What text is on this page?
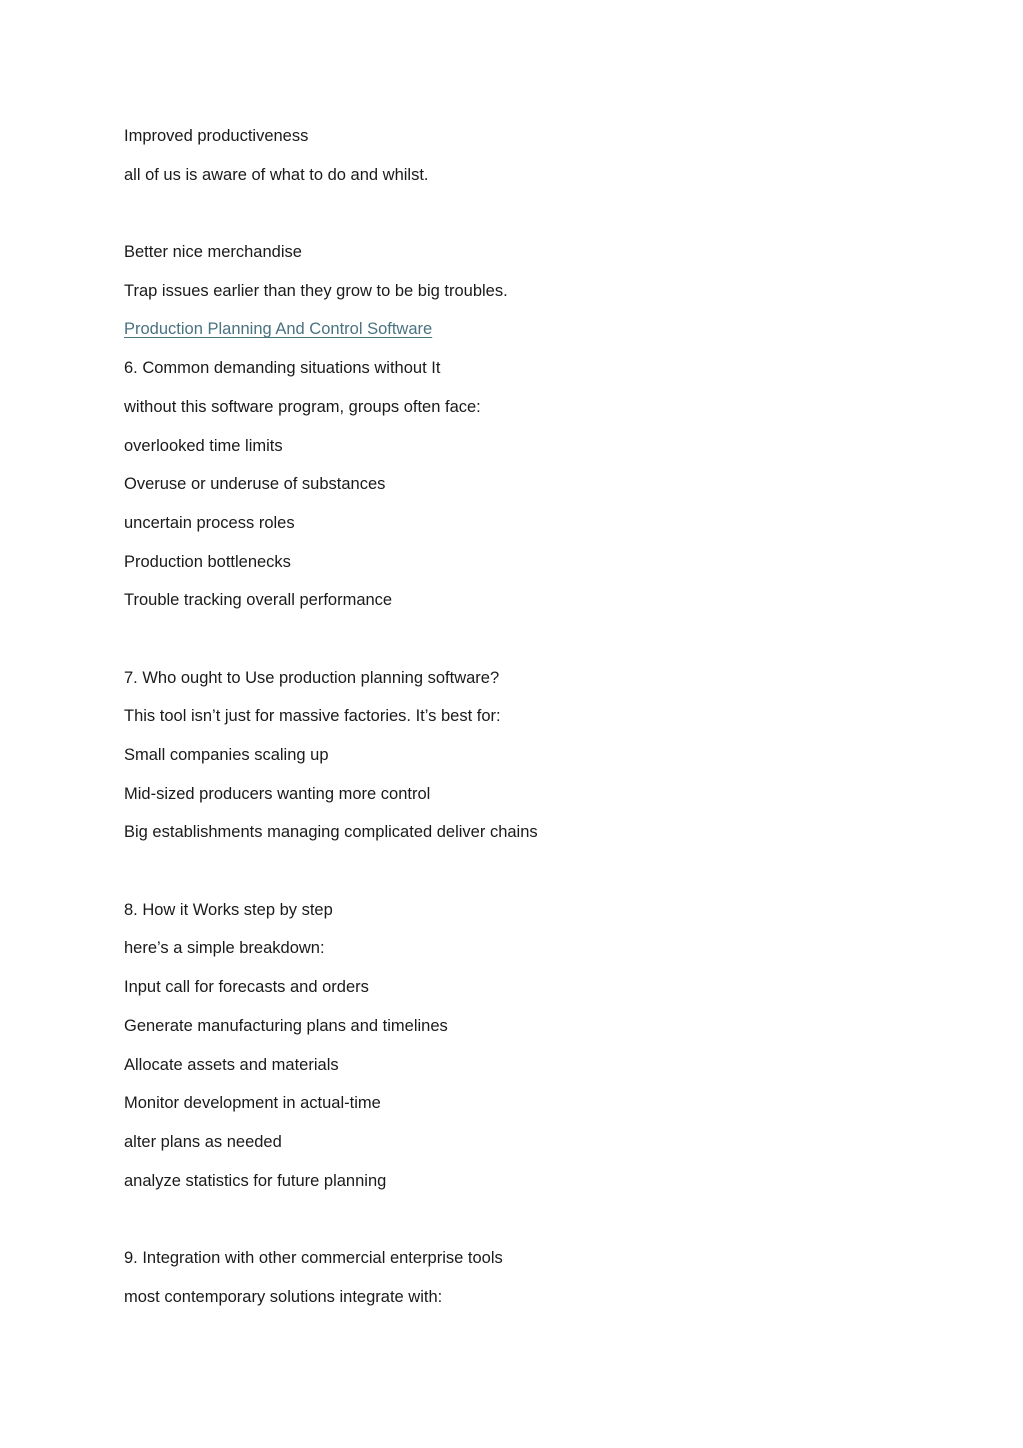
Improved productiveness
all of us is aware of what to do and whilst.
Better nice merchandise
Trap issues earlier than they grow to be big troubles.
Production Planning And Control Software
6. Common demanding situations without It
without this software program, groups often face:
overlooked time limits
Overuse or underuse of substances
uncertain process roles
Production bottlenecks
Trouble tracking overall performance
7. Who ought to Use production planning software?
This tool isn’t just for massive factories. It’s best for:
Small companies scaling up
Mid-sized producers wanting more control
Big establishments managing complicated deliver chains
8. How it Works step by step
here’s a simple breakdown:
Input call for forecasts and orders
Generate manufacturing plans and timelines
Allocate assets and materials
Monitor development in actual-time
alter plans as needed
analyze statistics for future planning
9. Integration with other commercial enterprise tools
most contemporary solutions integrate with:
